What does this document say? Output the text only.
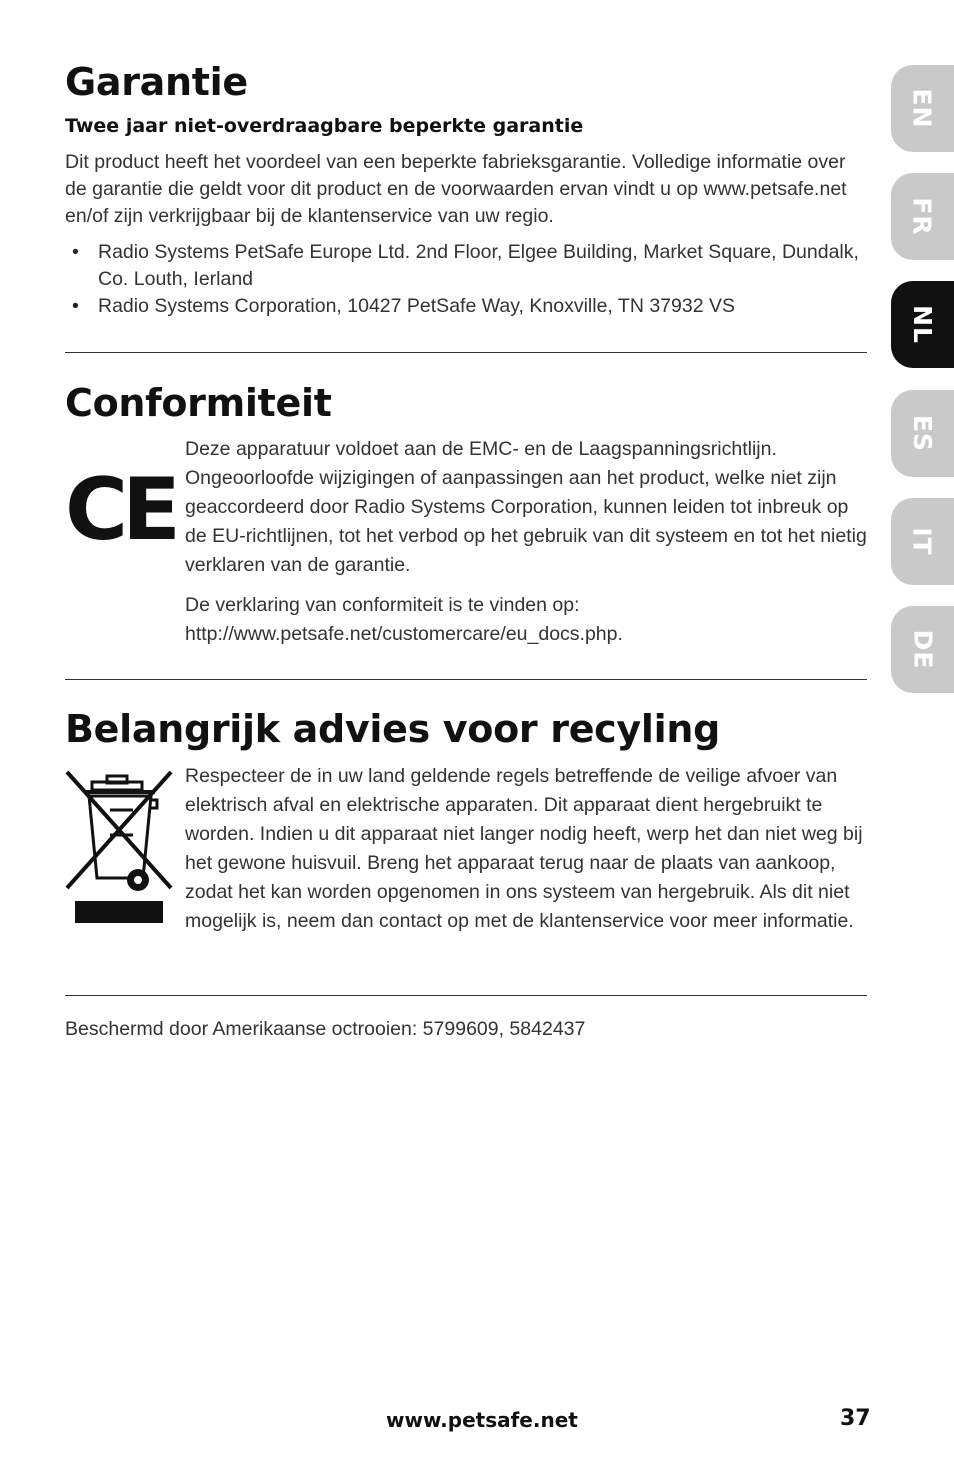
Garantie
Twee jaar niet-overdraagbare beperkte garantie

Dit product heeft het voordeel van een beperkte fabrieksgarantie. Volledige informatie over de garantie die geldt voor dit product en de voorwaarden ervan vindt u op www.petsafe.net en/of zijn verkrijgbaar bij de klantenservice van uw regio.

• Radio Systems PetSafe Europe Ltd. 2nd Floor, Elgee Building, Market Square, Dundalk, Co. Louth, Ierland
• Radio Systems Corporation, 10427 PetSafe Way, Knoxville, TN 37932 VS
Conformiteit
CE

Deze apparatuur voldoet aan de EMC- en de Laagspanningsrichtlijn. Ongeoorloofde wijzigingen of aanpassingen aan het product, welke niet zijn geaccordeerd door Radio Systems Corporation, kunnen leiden tot inbreuk op de EU-richtlijnen, tot het verbod op het gebruik van dit systeem en tot het nietig verklaren van de garantie.

De verklaring van conformiteit is te vinden op:

http://www.petsafe.net/customercare/eu_docs.php.

Belangrijk advies voor recyling

Respecteer de in uw land geldende regels betreffende de veilige afvoer van elektrisch afval en elektrische apparaten. Dit apparaat dient hergebruikt te worden. Indien u dit apparaat niet langer nodig heeft, werp het dan niet weg bij het gewone huisvuil. Breng het apparaat terug naar de plaats van aankoop, zodat het kan worden opgenomen in ons systeem van hergebruik. Als dit niet mogelijk is, neem dan contact op met de klantenservice voor meer informatie.

Beschermd door Amerikaanse octrooien: 5799609, 5842437

EN
FR
NL
ES
IT
DE
www.petsafe.net	37
